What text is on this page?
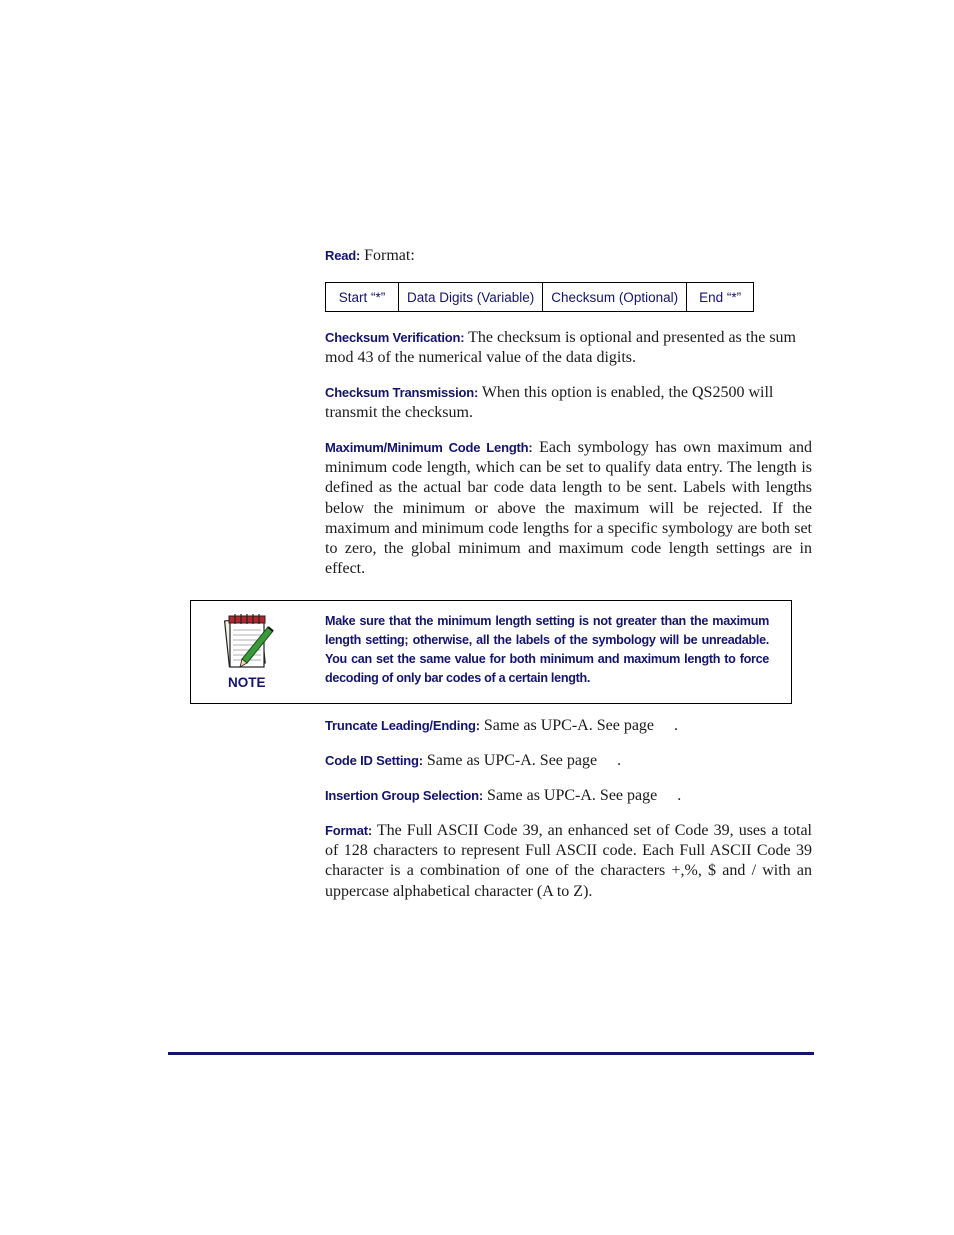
Read: Format:

Start “*”	Data Digits (Variable)	Checksum (Optional)	End “*”

Checksum Verification: The checksum is optional and presented as the sum mod 43 of the numerical value of the data digits.

Checksum Transmission: When this option is enabled, the QS2500 will transmit the checksum.

Maximum/Minimum Code Length: Each symbology has own maximum and minimum code length, which can be set to qualify data entry. The length is defined as the actual bar code data length to be sent. Labels with lengths below the minimum or above the maximum will be rejected. If the maximum and minimum code lengths for a specific symbology are both set to zero, the global minimum and maximum code length settings are in effect.

NOTE

Make sure that the minimum length setting is not greater than the maximum length setting; otherwise, all the labels of the symbology will be unreadable. You can set the same value for both minimum and maximum length to force decoding of only bar codes of a certain length.

Truncate Leading/Ending: Same as UPC-A. See page     .

Code ID Setting: Same as UPC-A. See page     .

Insertion Group Selection: Same as UPC-A. See page     .

Format: The Full ASCII Code 39, an enhanced set of Code 39, uses a total of 128 characters to represent Full ASCII code. Each Full ASCII Code 39 character is a combination of one of the characters +,%, $ and / with an uppercase alphabetical character (A to Z).
